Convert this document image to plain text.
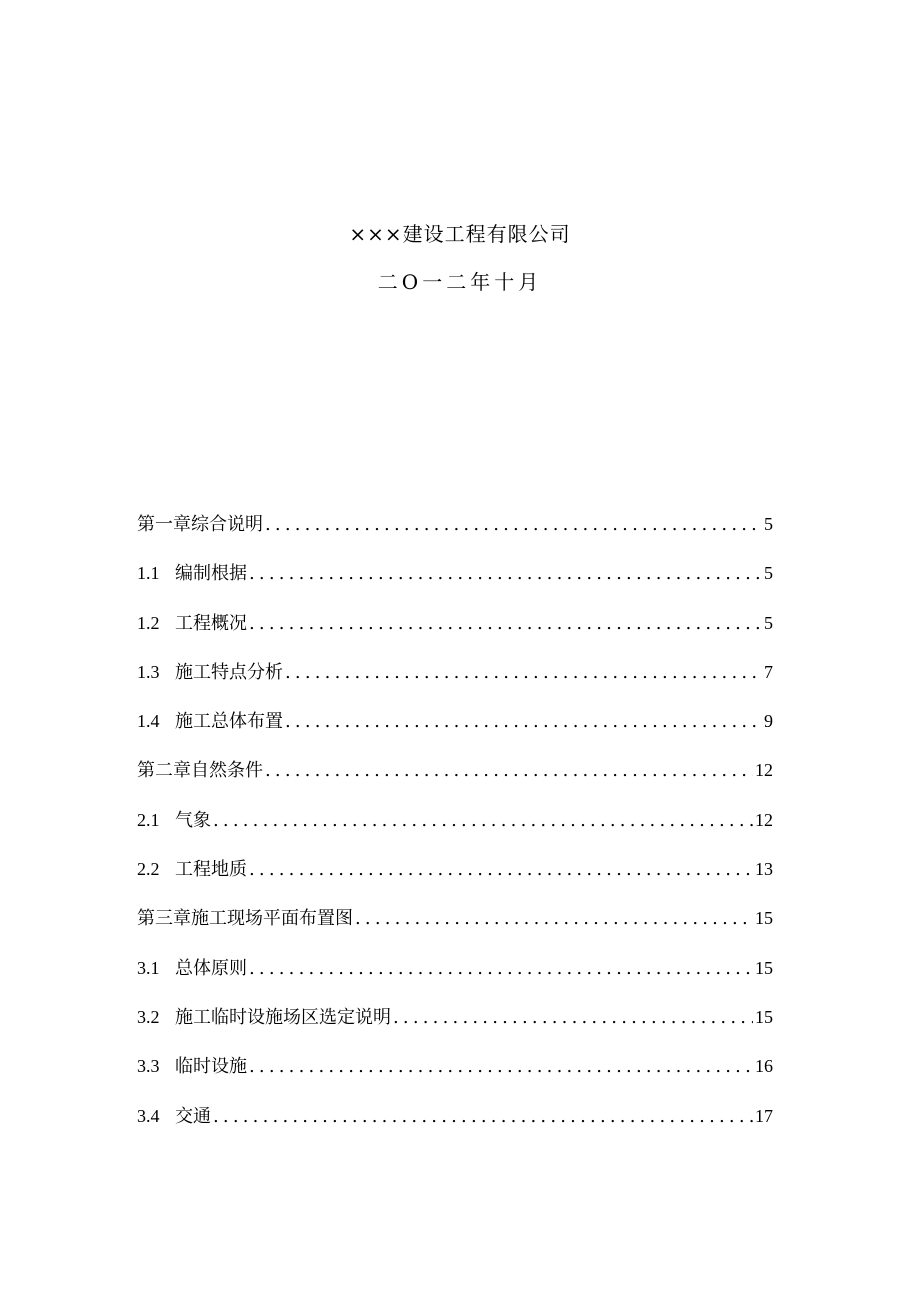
×××建设工程有限公司
二O一二年十月
第一章综合说明 .....	5
1.1 编制根据 .....	5
1.2 工程概况 .....	5
1.3 施工特点分析 .....	7
1.4 施工总体布置 .....	9
第二章自然条件 .....	12
2.1 气象 .....	12
2.2 工程地质 .....	13
第三章施工现场平面布置图 .....	15
3.1 总体原则 .....	15
3.2 施工临时设施场区选定说明 .....	15
3.3 临时设施 .....	16
3.4 交通 .....	17
